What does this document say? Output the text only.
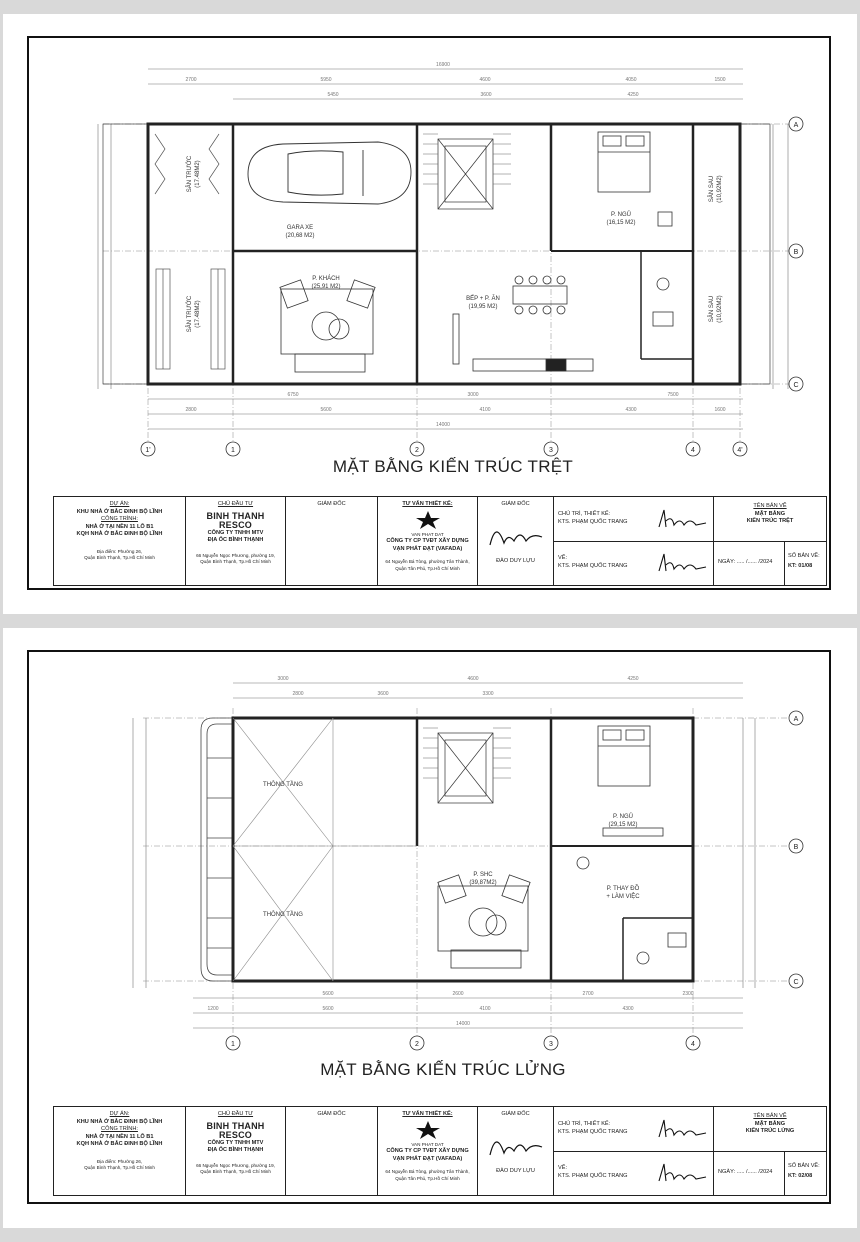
16900
2700	5950	4600	4050	1500
5450	3600	4250
6750	3000	7500
2800	5600	4100	4300	1600
14000
SÂN TRƯỚC (17.48M2)
SÂN TRƯỚC (17.48M2)
GARA XE
(20,68 M2)
P. KHÁCH
(25,91 M2)
BẾP + P. ĂN
(19,95 M2)
P. NGỦ
(16,15 M2)
SÂN SAU (10,92M2)
SÂN SAU (10,92M2)
A
B
C
1'	1	2	3	4	4'
MẶT BẰNG KIẾN TRÚC TRỆT
DỰ ÁN:
KHU NHÀ Ở BẮC ĐINH BỘ LĨNH
CÔNG TRÌNH:
NHÀ Ở TẠI NỀN 11 LÔ B1
KQH NHÀ Ở BẮC ĐINH BỘ LĨNH
Địa điểm: Phường 26,
Quận Bình Thạnh, Tp.Hồ Chí Minh
CHỦ ĐẦU TƯ
BINH THANH
RESCO
CÔNG TY TNHH MTV
ĐỊA ỐC BÌNH THẠNH
66 Nguyễn Ngọc Phương, phường 19,
Quận Bình Thạnh, Tp.Hồ Chí Minh
GIÁM ĐỐC	TƯ VẤN THIẾT KẾ:
VAN PHAT DAT
CÔNG TY CP TVĐT XÂY DỰNG
VẠN PHÁT ĐẠT (VAFADA)
64 Nguyễn Bá Tòng, phường Tân Thành,
Quận Tân Phú, Tp.Hồ Chí Minh
GIÁM ĐỐC
ĐÀO DUY LỰU
CHỦ TRÌ, THIẾT KẾ:
KTS. PHẠM QUỐC TRANG
VẼ:
KTS. PHẠM QUỐC TRANG
TÊN BẢN VẼ
MẶT BẰNG
KIẾN TRÚC TRỆT
NGÀY: ..... /...... /2024
SỐ BẢN VẼ:
KT: 01/08
3000	4600	4250
2800	3600	3300
5600	2600	2700	2300
1200	5600	4100	4300
14000
THÔNG TẦNG
THÔNG TẦNG
P. SHC
(39,87M2)
P. NGỦ
(29,15 M2)
P. THAY ĐỒ
+ LÀM VIỆC
A
B
C
1	2	3	4
MẶT BẰNG KIẾN TRÚC LỬNG
DỰ ÁN:
KHU NHÀ Ở BẮC ĐINH BỘ LĨNH
CÔNG TRÌNH:
NHÀ Ở TẠI NỀN 11 LÔ B1
KQH NHÀ Ở BẮC ĐINH BỘ LĨNH
Địa điểm: Phường 26,
Quận Bình Thạnh, Tp.Hồ Chí Minh
CHỦ ĐẦU TƯ
BINH THANH
RESCO
CÔNG TY TNHH MTV
ĐỊA ỐC BÌNH THẠNH
66 Nguyễn Ngọc Phương, phường 19,
Quận Bình Thạnh, Tp.Hồ Chí Minh
GIÁM ĐỐC	TƯ VẤN THIẾT KẾ:
VAN PHAT DAT
CÔNG TY CP TVĐT XÂY DỰNG
VẠN PHÁT ĐẠT (VAFADA)
64 Nguyễn Bá Tòng, phường Tân Thành,
Quận Tân Phú, Tp.Hồ Chí Minh
GIÁM ĐỐC
ĐÀO DUY LỰU
CHỦ TRÌ, THIẾT KẾ:
KTS. PHẠM QUỐC TRANG
VẼ:
KTS. PHẠM QUỐC TRANG
TÊN BẢN VẼ
MẶT BẰNG
KIẾN TRÚC LỬNG
NGÀY: ..... /...... /2024
SỐ BẢN VẼ:
KT: 02/08
